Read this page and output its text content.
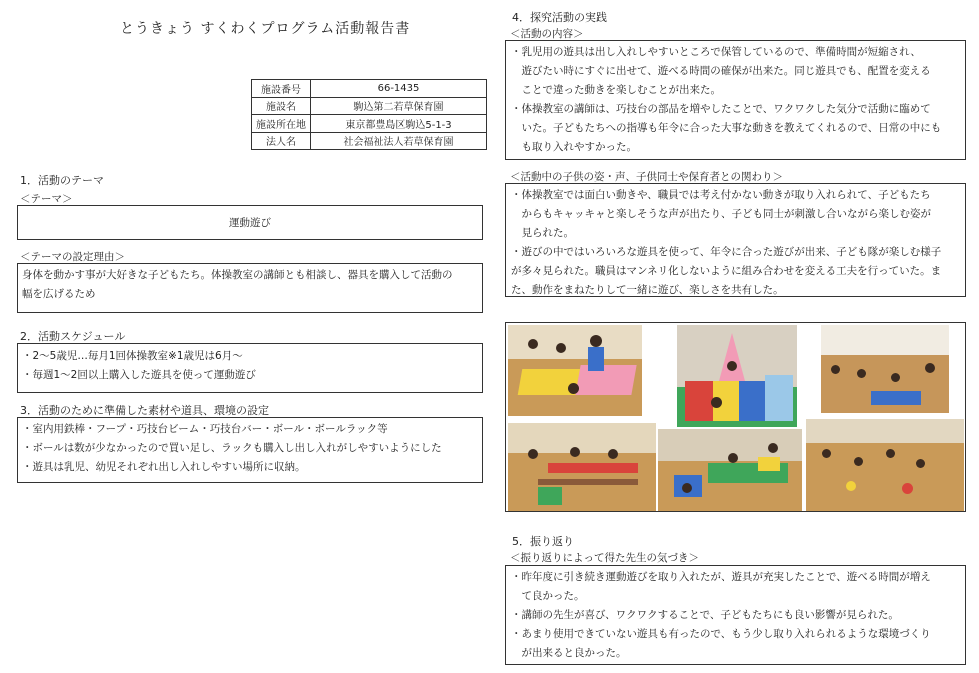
とうきょう すくわくプログラム活動報告書
施設番号	66-1435
施設名	駒込第二若草保育園
施設所在地	東京都豊島区駒込5-1-3
法人名	社会福祉法人若草保育園
1．活動のテーマ
＜テーマ＞
運動遊び
＜テーマの設定理由＞

身体を動かす事が大好きな子どもたち。体操教室の講師とも相談し、器具を購入して活動の

幅を広げるため

2．活動スケジュール

・2～5歳児…毎月1回体操教室※1歳児は6月～

・毎週1～2回以上購入した遊具を使って運動遊び

3．活動のために準備した素材や道具、環境の設定

・室内用鉄棒・フープ・巧技台ビーム・巧技台バー・ボール・ボールラック等

・ボールは数が少なかったので買い足し、ラックも購入し出し入れがしやすいようにした

・遊具は乳児、幼児それぞれ出し入れしやすい場所に収納。

4．探究活動の実践
＜活動の内容＞

・乳児用の遊具は出し入れしやすいところで保管しているので、準備時間が短縮され、

　遊びたい時にすぐに出せて、遊べる時間の確保が出来た。同じ遊具でも、配置を変える

　ことで違った動きを楽しむことが出来た。

・体操教室の講師は、巧技台の部品を増やしたことで、ワクワクした気分で活動に臨めて

　いた。子どもたちへの指導も年令に合った大事な動きを教えてくれるので、日常の中にも

　も取り入れやすかった。

＜活動中の子供の姿・声、子供同士や保育者との関わり＞

・体操教室では面白い動きや、職員では考え付かない動きが取り入れられて、子どもたち

　からもキャッキャと楽しそうな声が出たり、子ども同士が刺激し合いながら楽しむ姿が

　見られた。

・遊びの中ではいろいろな遊具を使って、年令に合った遊びが出来、子ども隊が楽しむ様子

が多々見られた。職員はマンネリ化しないように組み合わせを変える工夫を行っていた。ま

た、動作をまねたりして一緒に遊び、楽しさを共有した。

5．振り返り
＜振り返りによって得た先生の気づき＞

・昨年度に引き続き運動遊びを取り入れたが、遊具が充実したことで、遊べる時間が増え

　て良かった。

・講師の先生が喜び、ワクワクすることで、子どもたちにも良い影響が見られた。

・あまり使用できていない遊具も有ったので、もう少し取り入れられるような環境づくり

　が出来ると良かった。
